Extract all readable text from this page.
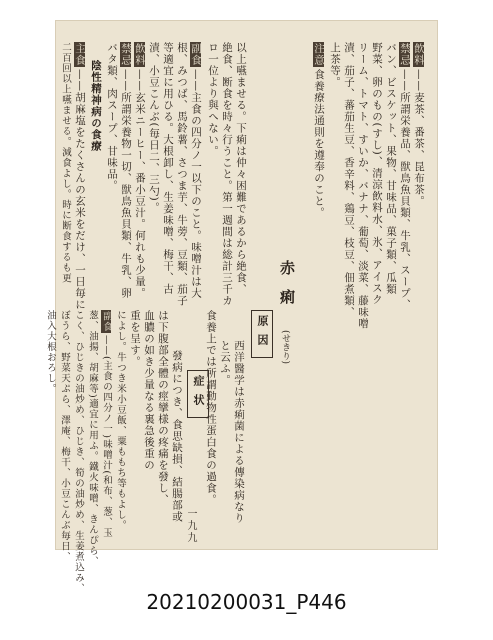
以上嚥ませる。下痢は仲々困難であるから絶食、
絶食、断食を時々行うこと。第一週間は総計三千カ
ロ一位より與へない。
副食——主食の四分ノ一以下のこと。味噌汁は大
根、みつば、馬鈴薯、さつま芋、牛蒡、豆類、茄子
等適宜に用ひる。大根卸し、生姜味噌、梅干、古
漬、小豆こんぶ(毎日二、三勺)。
飲料——玄米ニーヒー、番小豆汁。何れも少量。
禁忌——所謂栄養物一切、獣鳥魚貝類、牛乳、卵
バタ類、肉スープ、甘味品。
陰性精神病の食療
主食——胡麻塩をたくさんの玄米をだけ、一日毎に
二百回以上嚥ませる。減食よし。時に断食するも更	飲料——麦茶、番茶、昆布茶。
禁忌——所謂栄養品、獣鳥魚貝類、牛乳、スープ、
バン、ビスケット、果物、甘味品、菓子類、瓜類
野菜、卵のもの(すし)、清涼飲料水、氷、アイスク
リーム、トマト、すいか、バナナ、葡萄、淡菜、藤味噌
漬、茄子、蕃茄生豆、香辛料、鶏豆、枝豆、佃煮類、
上茶等。
注意食養療法通則を遵奉のこと。
赤痢
(せきり)
原因
西洋醫学は赤痢菌による傳染病なり
と云ふ。
食養上では所謂動物性蛋白食の過食。
症状
發病につき、食思缺損、結腸部或
は下腹部全體の痙攣様の疼痛を發し、
血膿の如き少量なる裏急後重の
重を呈す。
によし。牛つき米小豆飯、粟ももち等もよし。
副食——(主食の四分ノ一)味噌汁(和布、葱、玉
葱、油揚、胡麻等)適宜に用ふ。鐵火味噌、きんぴら、
こく、ひじきの油炒め、ひじき、筍の油炒め、生姜煮込み、
ぼうら、野菜天ぷら、澤庵、梅干、小豆こんぶ毎日、
油入大根おろし。
一九九
20210200031_P446
